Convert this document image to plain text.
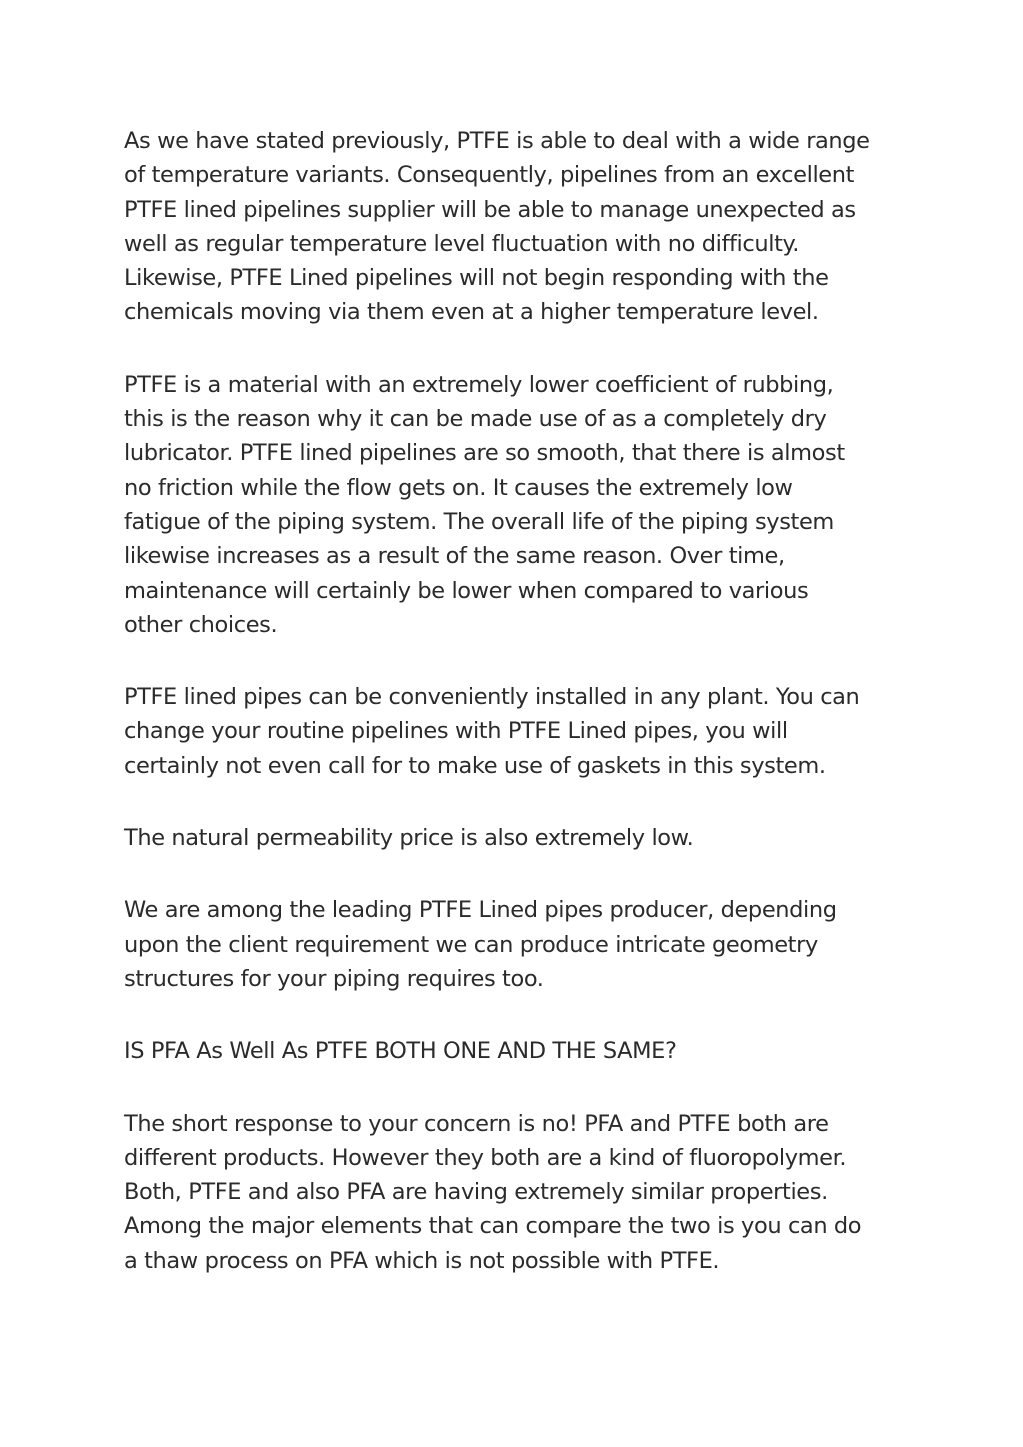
As we have stated previously, PTFE is able to deal with a wide range
of temperature variants. Consequently, pipelines from an excellent
PTFE lined pipelines supplier will be able to manage unexpected as
well as regular temperature level fluctuation with no difficulty.
Likewise, PTFE Lined pipelines will not begin responding with the
chemicals moving via them even at a higher temperature level.

PTFE is a material with an extremely lower coefficient of rubbing,
this is the reason why it can be made use of as a completely dry
lubricator. PTFE lined pipelines are so smooth, that there is almost
no friction while the flow gets on. It causes the extremely low
fatigue of the piping system. The overall life of the piping system
likewise increases as a result of the same reason. Over time,
maintenance will certainly be lower when compared to various
other choices.

PTFE lined pipes can be conveniently installed in any plant. You can
change your routine pipelines with PTFE Lined pipes, you will
certainly not even call for to make use of gaskets in this system.

The natural permeability price is also extremely low.

We are among the leading PTFE Lined pipes producer, depending
upon the client requirement we can produce intricate geometry
structures for your piping requires too.

IS PFA As Well As PTFE BOTH ONE AND THE SAME?

The short response to your concern is no! PFA and PTFE both are
different products. However they both are a kind of fluoropolymer.
Both, PTFE and also PFA are having extremely similar properties.
Among the major elements that can compare the two is you can do
a thaw process on PFA which is not possible with PTFE.
